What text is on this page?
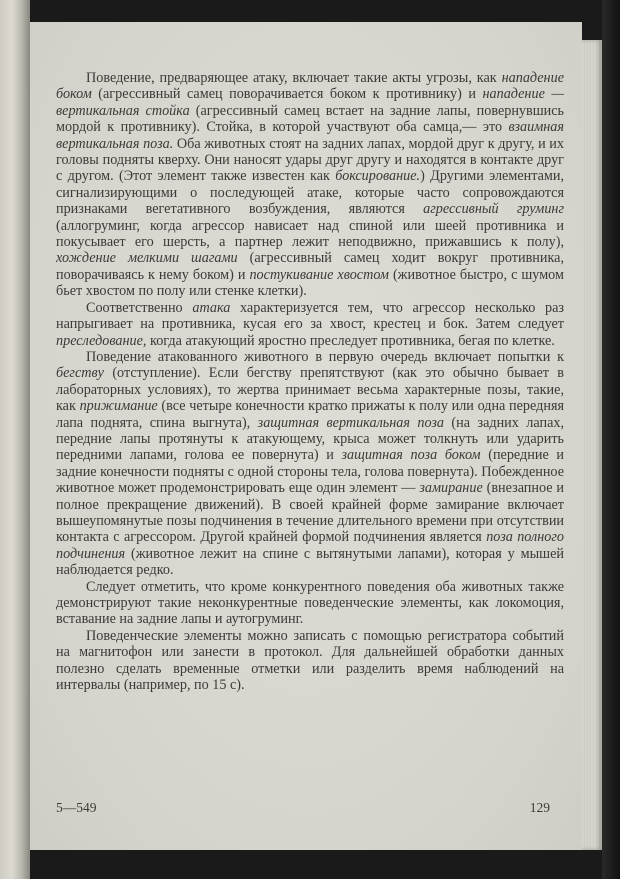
Поведение, предваряющее атаку, включает такие акты угрозы, как нападение боком (агрессивный самец поворачивается боком к противнику) и нападение — вертикальная стойка (агрессивный самец встает на задние лапы, повернувшись мордой к противнику). Стойка, в которой участвуют оба самца,— это взаимная вертикальная поза. Оба животных стоят на задних лапах, мордой друг к другу, и их головы подняты кверху. Они наносят удары друг другу и находятся в контакте друг с другом. (Этот элемент также известен как боксирование.) Другими элементами, сигнализирующими о последующей атаке, которые часто сопровождаются признаками вегетативного возбуждения, являются агрессивный груминг (аллогруминг, когда агрессор нависает над спиной или шеей противника и покусывает его шерсть, а партнер лежит неподвижно, прижавшись к полу), хождение мелкими шагами (агрессивный самец ходит вокруг противника, поворачиваясь к нему боком) и постукивание хвостом (животное быстро, с шумом бьет хвостом по полу или стенке клетки).

Соответственно атака характеризуется тем, что агрессор несколько раз напрыгивает на противника, кусая его за хвост, крестец и бок. Затем следует преследование, когда атакующий яростно преследует противника, бегая по клетке.

Поведение атакованного животного в первую очередь включает попытки к бегству (отступление). Если бегству препятствуют (как это обычно бывает в лабораторных условиях), то жертва принимает весьма характерные позы, такие, как прижимание (все четыре конечности кратко прижаты к полу или одна передняя лапа поднята, спина выгнута), защитная вертикальная поза (на задних лапах, передние лапы протянуты к атакующему, крыса может толкнуть или ударить передними лапами, голова ее повернута) и защитная поза боком (передние и задние конечности подняты с одной стороны тела, голова повернута). Побежденное животное может продемонстрировать еще один элемент — замирание (внезапное и полное прекращение движений). В своей крайней форме замирание включает вышеупомянутые позы подчинения в течение длительного времени при отсутствии контакта с агрессором. Другой крайней формой подчинения является поза полного подчинения (животное лежит на спине с вытянутыми лапами), которая у мышей наблюдается редко.

Следует отметить, что кроме конкурентного поведения оба животных также демонстрируют такие неконкурентные поведенческие элементы, как локомоция, вставание на задние лапы и аутогруминг.

Поведенческие элементы можно записать с помощью регистратора событий на магнитофон или занести в протокол. Для дальнейшей обработки данных полезно сделать временные отметки или разделить время наблюдений на интервалы (например, по 15 с).

5—549	129
